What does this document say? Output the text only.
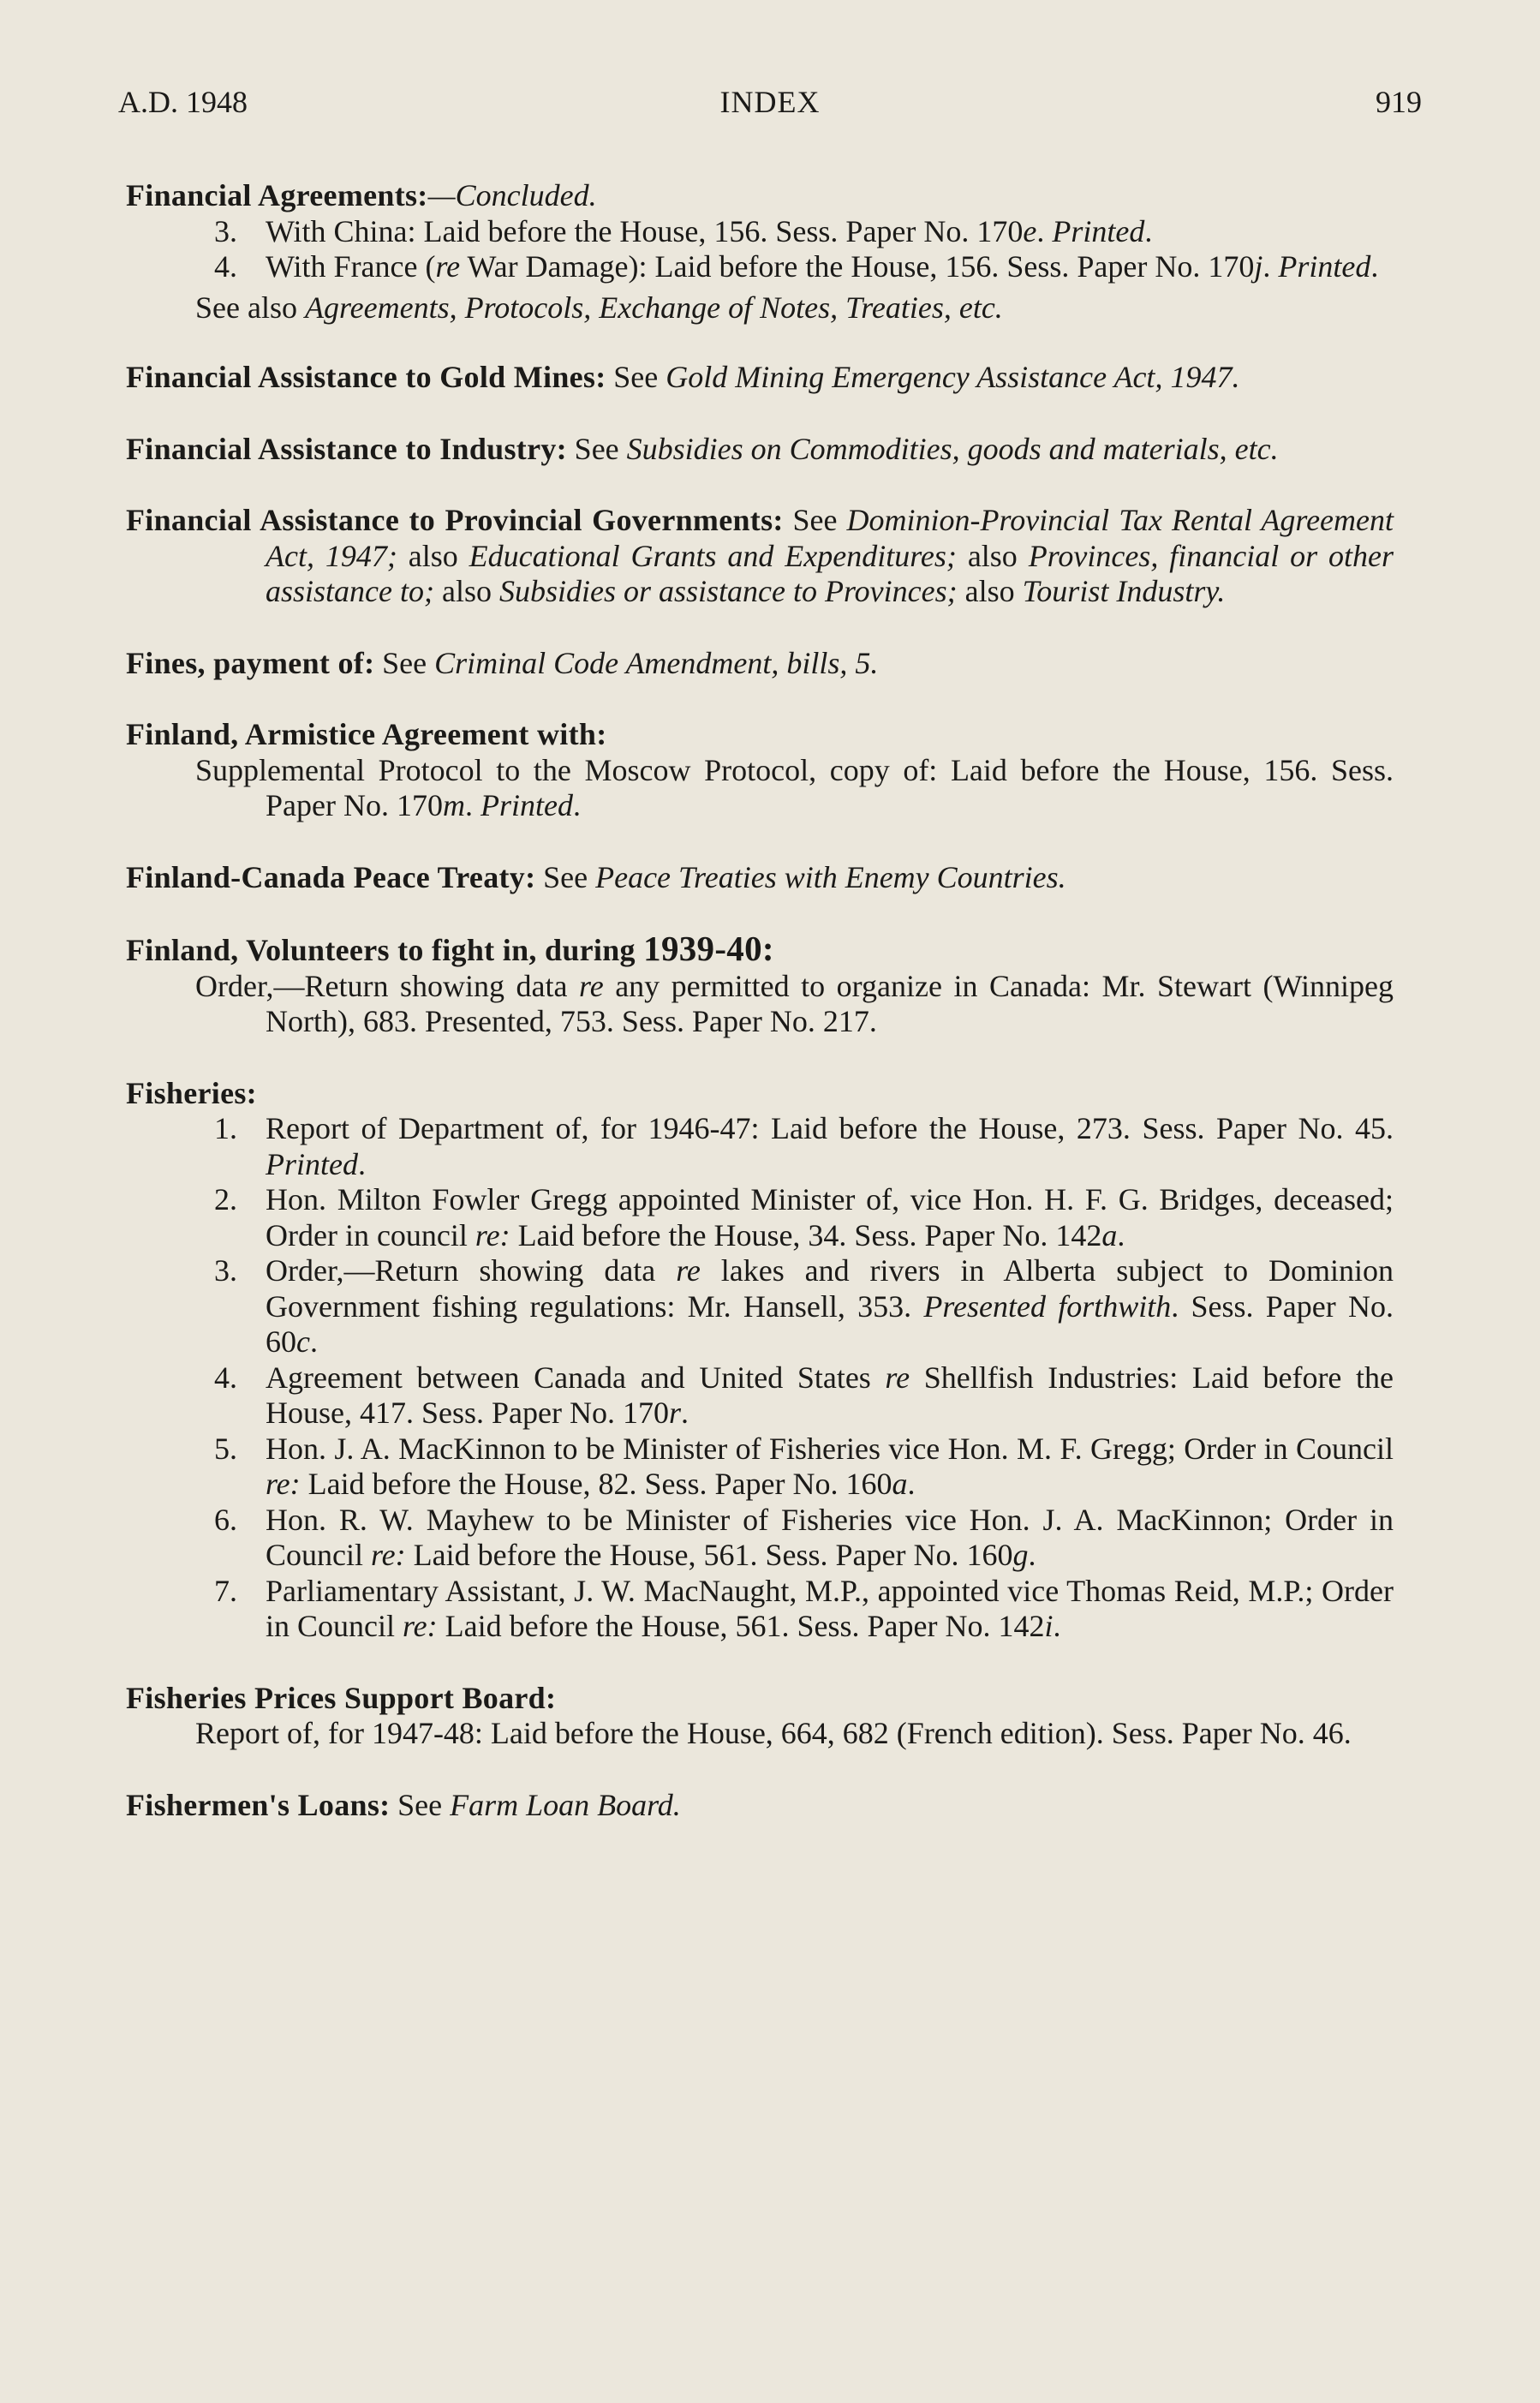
A.D. 1948	INDEX	919
Financial Agreements:—Concluded.
3. With China: Laid before the House, 156. Sess. Paper No. 170e. Printed.
4. With France (re War Damage): Laid before the House, 156. Sess. Paper No. 170j. Printed.
See also Agreements, Protocols, Exchange of Notes, Treaties, etc.
Financial Assistance to Gold Mines: See Gold Mining Emergency Assistance Act, 1947.
Financial Assistance to Industry: See Subsidies on Commodities, goods and materials, etc.
Financial Assistance to Provincial Governments: See Dominion-Provincial Tax Rental Agreement Act, 1947; also Educational Grants and Expenditures; also Provinces, financial or other assistance to; also Subsidies or assistance to Provinces; also Tourist Industry.
Fines, payment of: See Criminal Code Amendment, bills, 5.
Finland, Armistice Agreement with:
Supplemental Protocol to the Moscow Protocol, copy of: Laid before the House, 156. Sess. Paper No. 170m. Printed.
Finland-Canada Peace Treaty: See Peace Treaties with Enemy Countries.
Finland, Volunteers to fight in, during 1939-40:
Order,—Return showing data re any permitted to organize in Canada: Mr. Stewart (Winnipeg North), 683. Presented, 753. Sess. Paper No. 217.
Fisheries:
1. Report of Department of, for 1946-47: Laid before the House, 273. Sess. Paper No. 45. Printed.
2. Hon. Milton Fowler Gregg appointed Minister of, vice Hon. H. F. G. Bridges, deceased; Order in council re: Laid before the House, 34. Sess. Paper No. 142a.
3. Order,—Return showing data re lakes and rivers in Alberta subject to Dominion Government fishing regulations: Mr. Hansell, 353. Presented forthwith. Sess. Paper No. 60c.
4. Agreement between Canada and United States re Shellfish Industries: Laid before the House, 417. Sess. Paper No. 170r.
5. Hon. J. A. MacKinnon to be Minister of Fisheries vice Hon. M. F. Gregg; Order in Council re: Laid before the House, 82. Sess. Paper No. 160a.
6. Hon. R. W. Mayhew to be Minister of Fisheries vice Hon. J. A. MacKinnon; Order in Council re: Laid before the House, 561. Sess. Paper No. 160g.
7. Parliamentary Assistant, J. W. MacNaught, M.P., appointed vice Thomas Reid, M.P.; Order in Council re: Laid before the House, 561. Sess. Paper No. 142i.
Fisheries Prices Support Board:
Report of, for 1947-48: Laid before the House, 664, 682 (French edition). Sess. Paper No. 46.
Fishermen's Loans: See Farm Loan Board.
